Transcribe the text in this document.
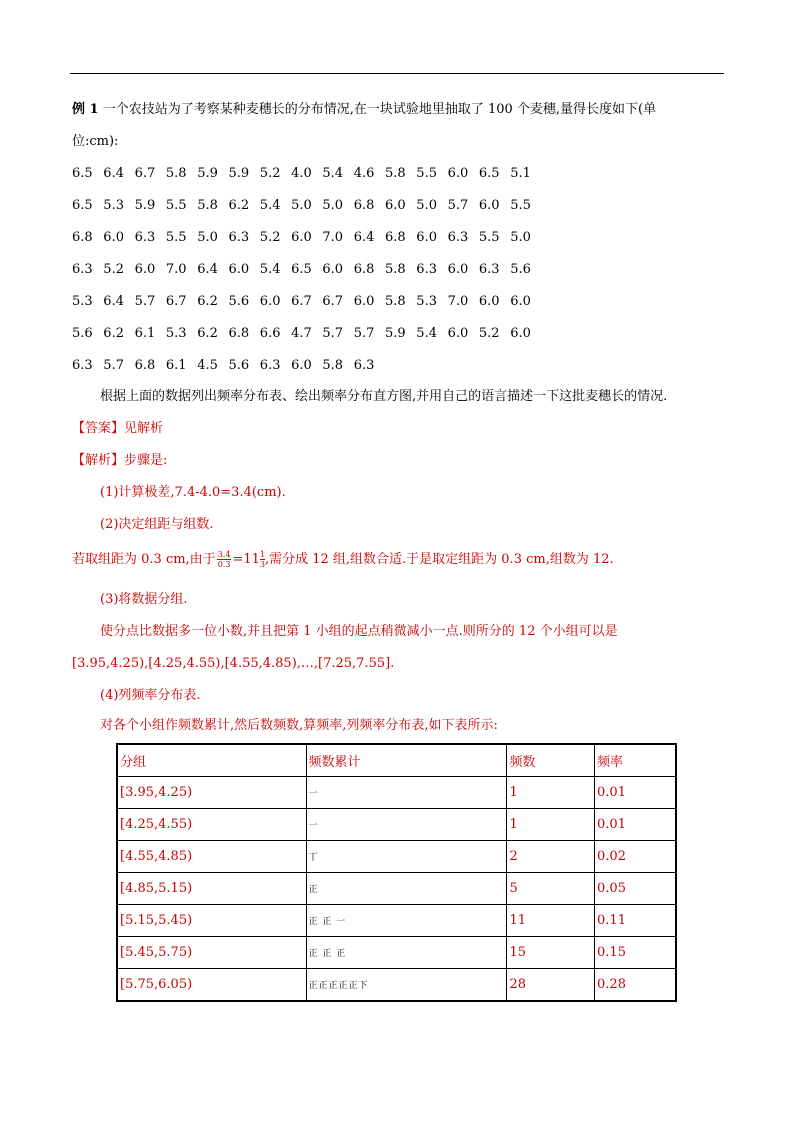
例 1 一个农技站为了考察某种麦穗长的分布情况,在一块试验地里抽取了 100 个麦穗,量得长度如下(单
位:cm):
6.5 6.4 6.7 5.8 5.9 5.9 5.2 4.0 5.4 4.6 5.8 5.5 6.0 6.5 5.1
6.5 5.3 5.9 5.5 5.8 6.2 5.4 5.0 5.0 6.8 6.0 5.0 5.7 6.0 5.5
6.8 6.0 6.3 5.5 5.0 6.3 5.2 6.0 7.0 6.4 6.8 6.0 6.3 5.5 5.0
6.3 5.2 6.0 7.0 6.4 6.0 5.4 6.5 6.0 6.8 5.8 6.3 6.0 6.3 5.6
5.3 6.4 5.7 6.7 6.2 5.6 6.0 6.7 6.7 6.0 5.8 5.3 7.0 6.0 6.0
5.6 6.2 6.1 5.3 6.2 6.8 6.6 4.7 5.7 5.7 5.9 5.4 6.0 5.2 6.0
6.3 5.7 6.8 6.1 4.5 5.6 6.3 6.0 5.8 6.3
根据上面的数据列出频率分布表、绘出频率分布直方图,并用自己的语言描述一下这批麦穗长的情况.
【答案】见解析
【解析】步骤是:
(1)计算极差,7.4-4.0=3.4(cm).
(2)决定组距与组数.
若取组距为 0.3 cm,由于 $\frac{3.4}{0.3} =11 \frac{1}{3}$ ,需分成 12 组,组数合适.于是取定组距为 0.3 cm,组数为 12.
(3)将数据分组.
使分点比数据多一位小数,并且把第 1 小组的起点稍微减小一点.则所分的 12 个小组可以是
[3.95,4.25),[4.25,4.55),[4.55,4.85),…,[7.25,7.55].
(4)列频率分布表.
对各个小组作频数累计,然后数频数,算频率,列频率分布表,如下表所示:
分组	频数累计	频数	频率
[3.95,4.25)	一	1	0.01
[4.25,4.55)	一	1	0.01
[4.55,4.85)	丅	2	0.02
[4.85,5.15)	正	5	0.05
[5.15,5.45)	正 正 一	11	0.11
[5.45,5.75)	正 正 正	15	0.15
[5.75,6.05)	正正正正正下	28	0.28
